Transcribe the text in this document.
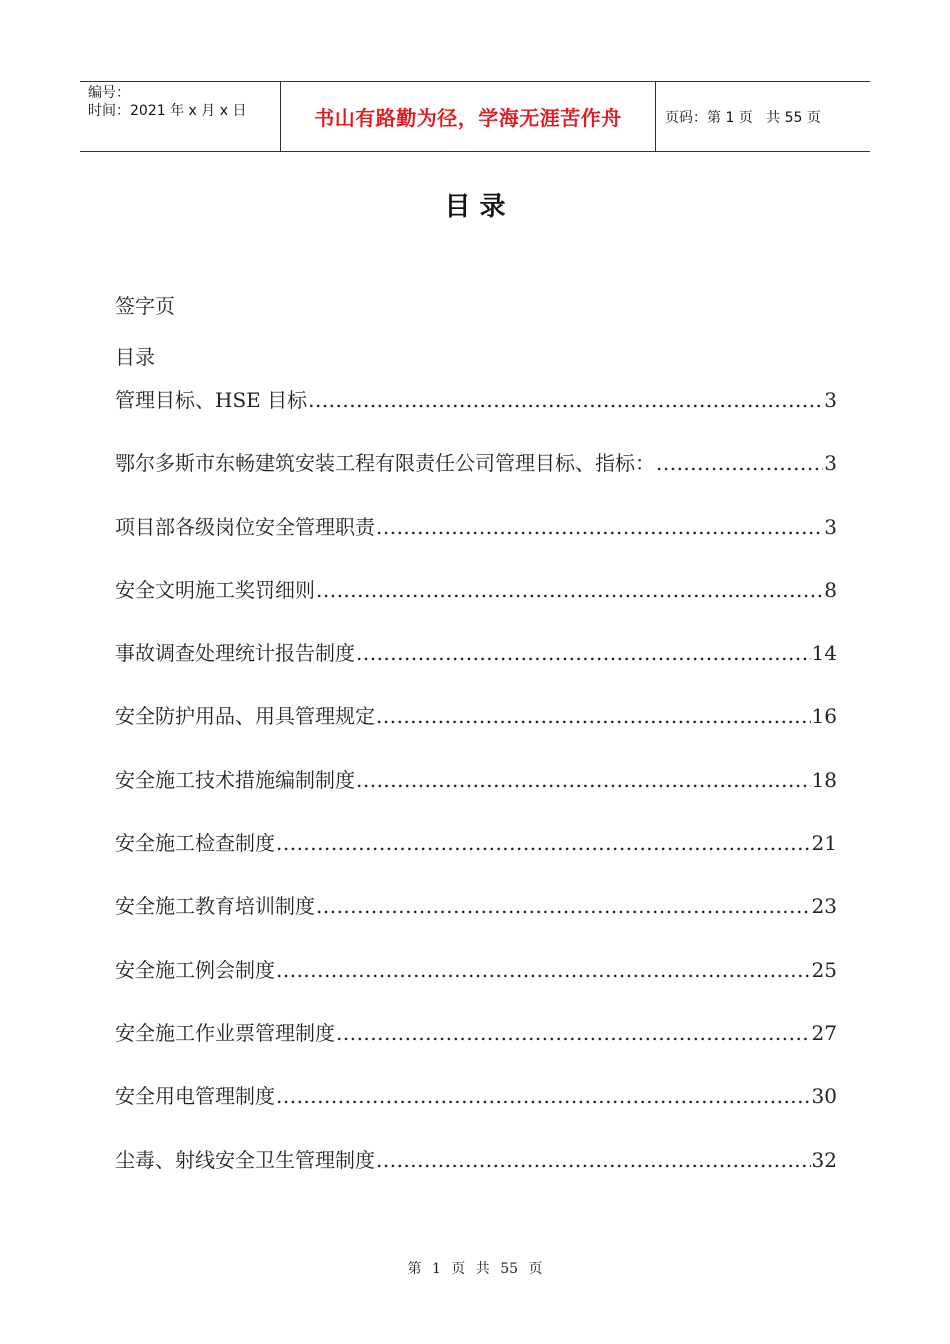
编号：
时间：2021 年 x 月 x 日	书山有路勤为径，学海无涯苦作舟	页码：第 1 页   共 55 页
目 录
签字页
目录
管理目标、HSE 目标 .....	3
鄂尔多斯市东畅建筑安装工程有限责任公司管理目标、指标： .....	3
项目部各级岗位安全管理职责 .....	3
安全文明施工奖罚细则 .....	8
事故调查处理统计报告制度 .....	14
安全防护用品、用具管理规定 .....	16
安全施工技术措施编制制度 .....	18
安全施工检查制度 .....	21
安全施工教育培训制度 .....	23
安全施工例会制度 .....	25
安全施工作业票管理制度 .....	27
安全用电管理制度 .....	30
尘毒、射线安全卫生管理制度 .....	32
第 1 页 共 55 页
